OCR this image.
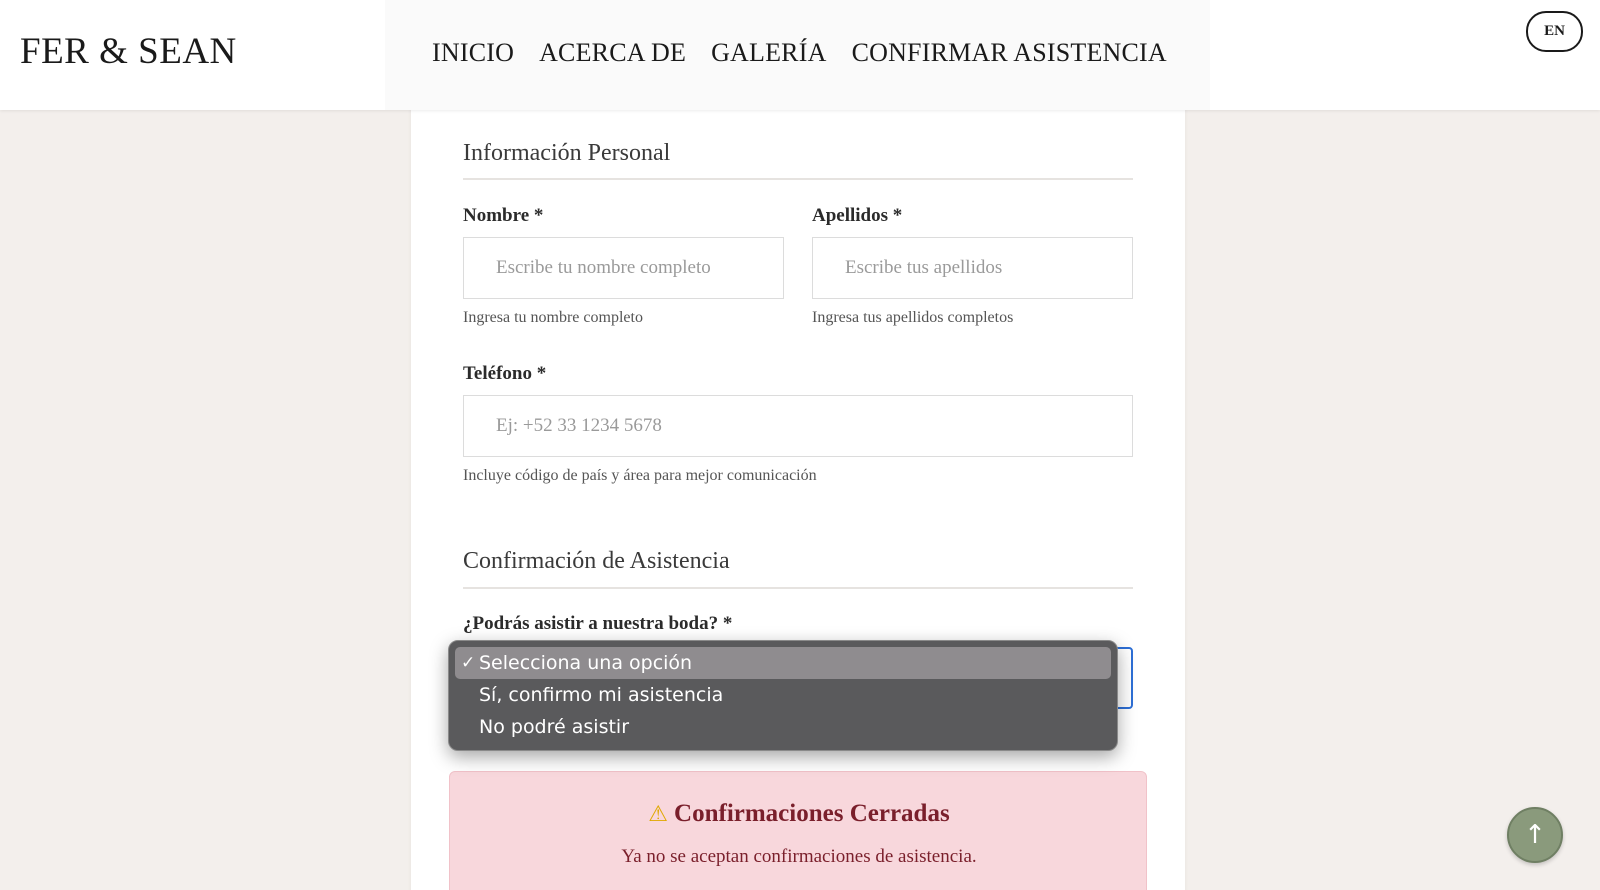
FER & SEAN	INICIO ACERCA DE GALERÍA CONFIRMAR ASISTENCIA
EN
Información Personal
Nombre *
Escribe tu nombre completo
Ingresa tu nombre completo
Apellidos *
Escribe tus apellidos
Ingresa tus apellidos completos
Teléfono *
Ej: +52 33 1234 5678
Incluye código de país y área para mejor comunicación
Confirmación de Asistencia
¿Podrás asistir a nuestra boda? *
⚠ Confirmaciones Cerradas
Ya no se aceptan confirmaciones de asistencia.
✓ Selecciona una opción
Sí, confirmo mi asistencia
No podré asistir
↑
